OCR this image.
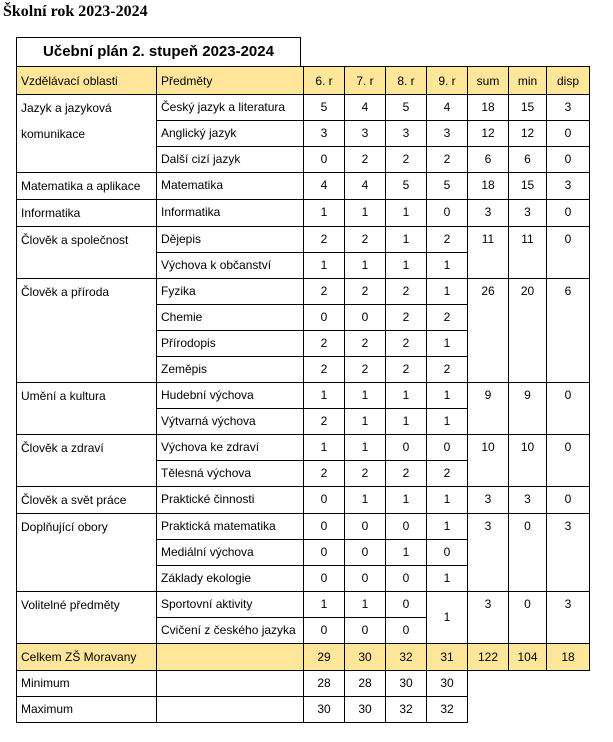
Školní rok 2023-2024
Učební plán 2. stupeň 2023-2024
Vzdělávací oblasti	Předměty	6. r	7. r	8. r	9. r	sum	min	disp
Jazyk a jazyková komunikace	Český jazyk a literatura	5	4	5	4	18	15	3
	Anglický jazyk	3	3	3	3	12	12	0
	Další cizí jazyk	0	2	2	2	6	6	0
Matematika a aplikace	Matematika	4	4	5	5	18	15	3
Informatika	Informatika	1	1	1	0	3	3	0
Člověk a společnost	Dějepis	2	2	1	2	11	11	0
	Výchova k občanství	1	1	1	1			
Člověk a příroda	Fyzika	2	2	2	1	26	20	6
	Chemie	0	0	2	2			
	Přírodopis	2	2	2	1			
	Zeměpis	2	2	2	2			
Umění a kultura	Hudební výchova	1	1	1	1	9	9	0
	Výtvarná výchova	2	1	1	1			
Člověk a zdraví	Výchova ke zdraví	1	1	0	0	10	10	0
	Tělesná výchova	2	2	2	2			
Člověk a svět práce	Praktické činnosti	0	1	1	1	3	3	0
Doplňující obory	Praktická matematika	0	0	0	1	3	0	3
	Mediální výchova	0	0	1	0			
	Základy ekologie	0	0	0	1			
Volitelné předměty	Sportovní aktivity	1	1	0	1	3	0	3
	Cvičení z českého jazyka	0	0	0				
Celkem ZŠ Moravany		29	30	32	31	122	104	18
Minimum		28	28	30	30			
Maximum		30	30	32	32			
